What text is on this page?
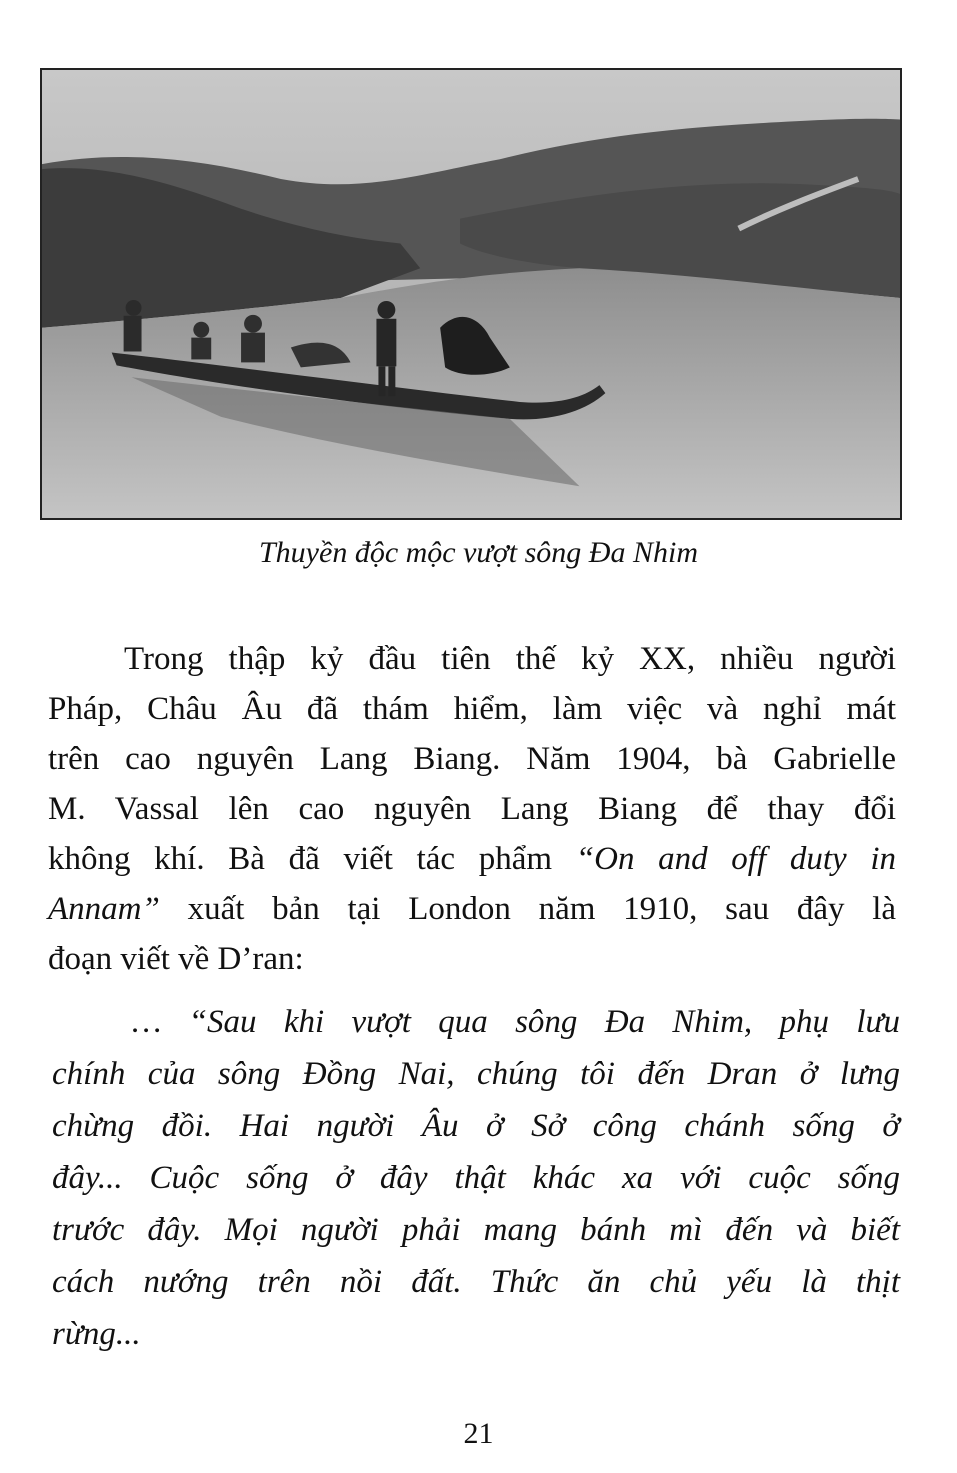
Thuyền độc mộc vượt sông Đa Nhim
Trong thập kỷ đầu tiên thế kỷ XX, nhiều người
Pháp, Châu Âu đã thám hiểm, làm việc và nghỉ mát
trên cao nguyên Lang Biang. Năm 1904, bà Gabrielle
M. Vassal lên cao nguyên Lang Biang để thay đổi
không khí. Bà đã viết tác phẩm “On and off duty in
Annam” xuất bản tại London năm 1910, sau đây là
đoạn viết về D’ran:
… “Sau khi vượt qua sông Đa Nhim, phụ lưu
chính của sông Đồng Nai, chúng tôi đến Dran ở lưng
chừng đồi. Hai người Âu ở Sở công chánh sống ở
đây... Cuộc sống ở đây thật khác xa với cuộc sống
trước đây. Mọi người phải mang bánh mì đến và biết
cách nướng trên nồi đất. Thức ăn chủ yếu là thịt
rừng...
21
